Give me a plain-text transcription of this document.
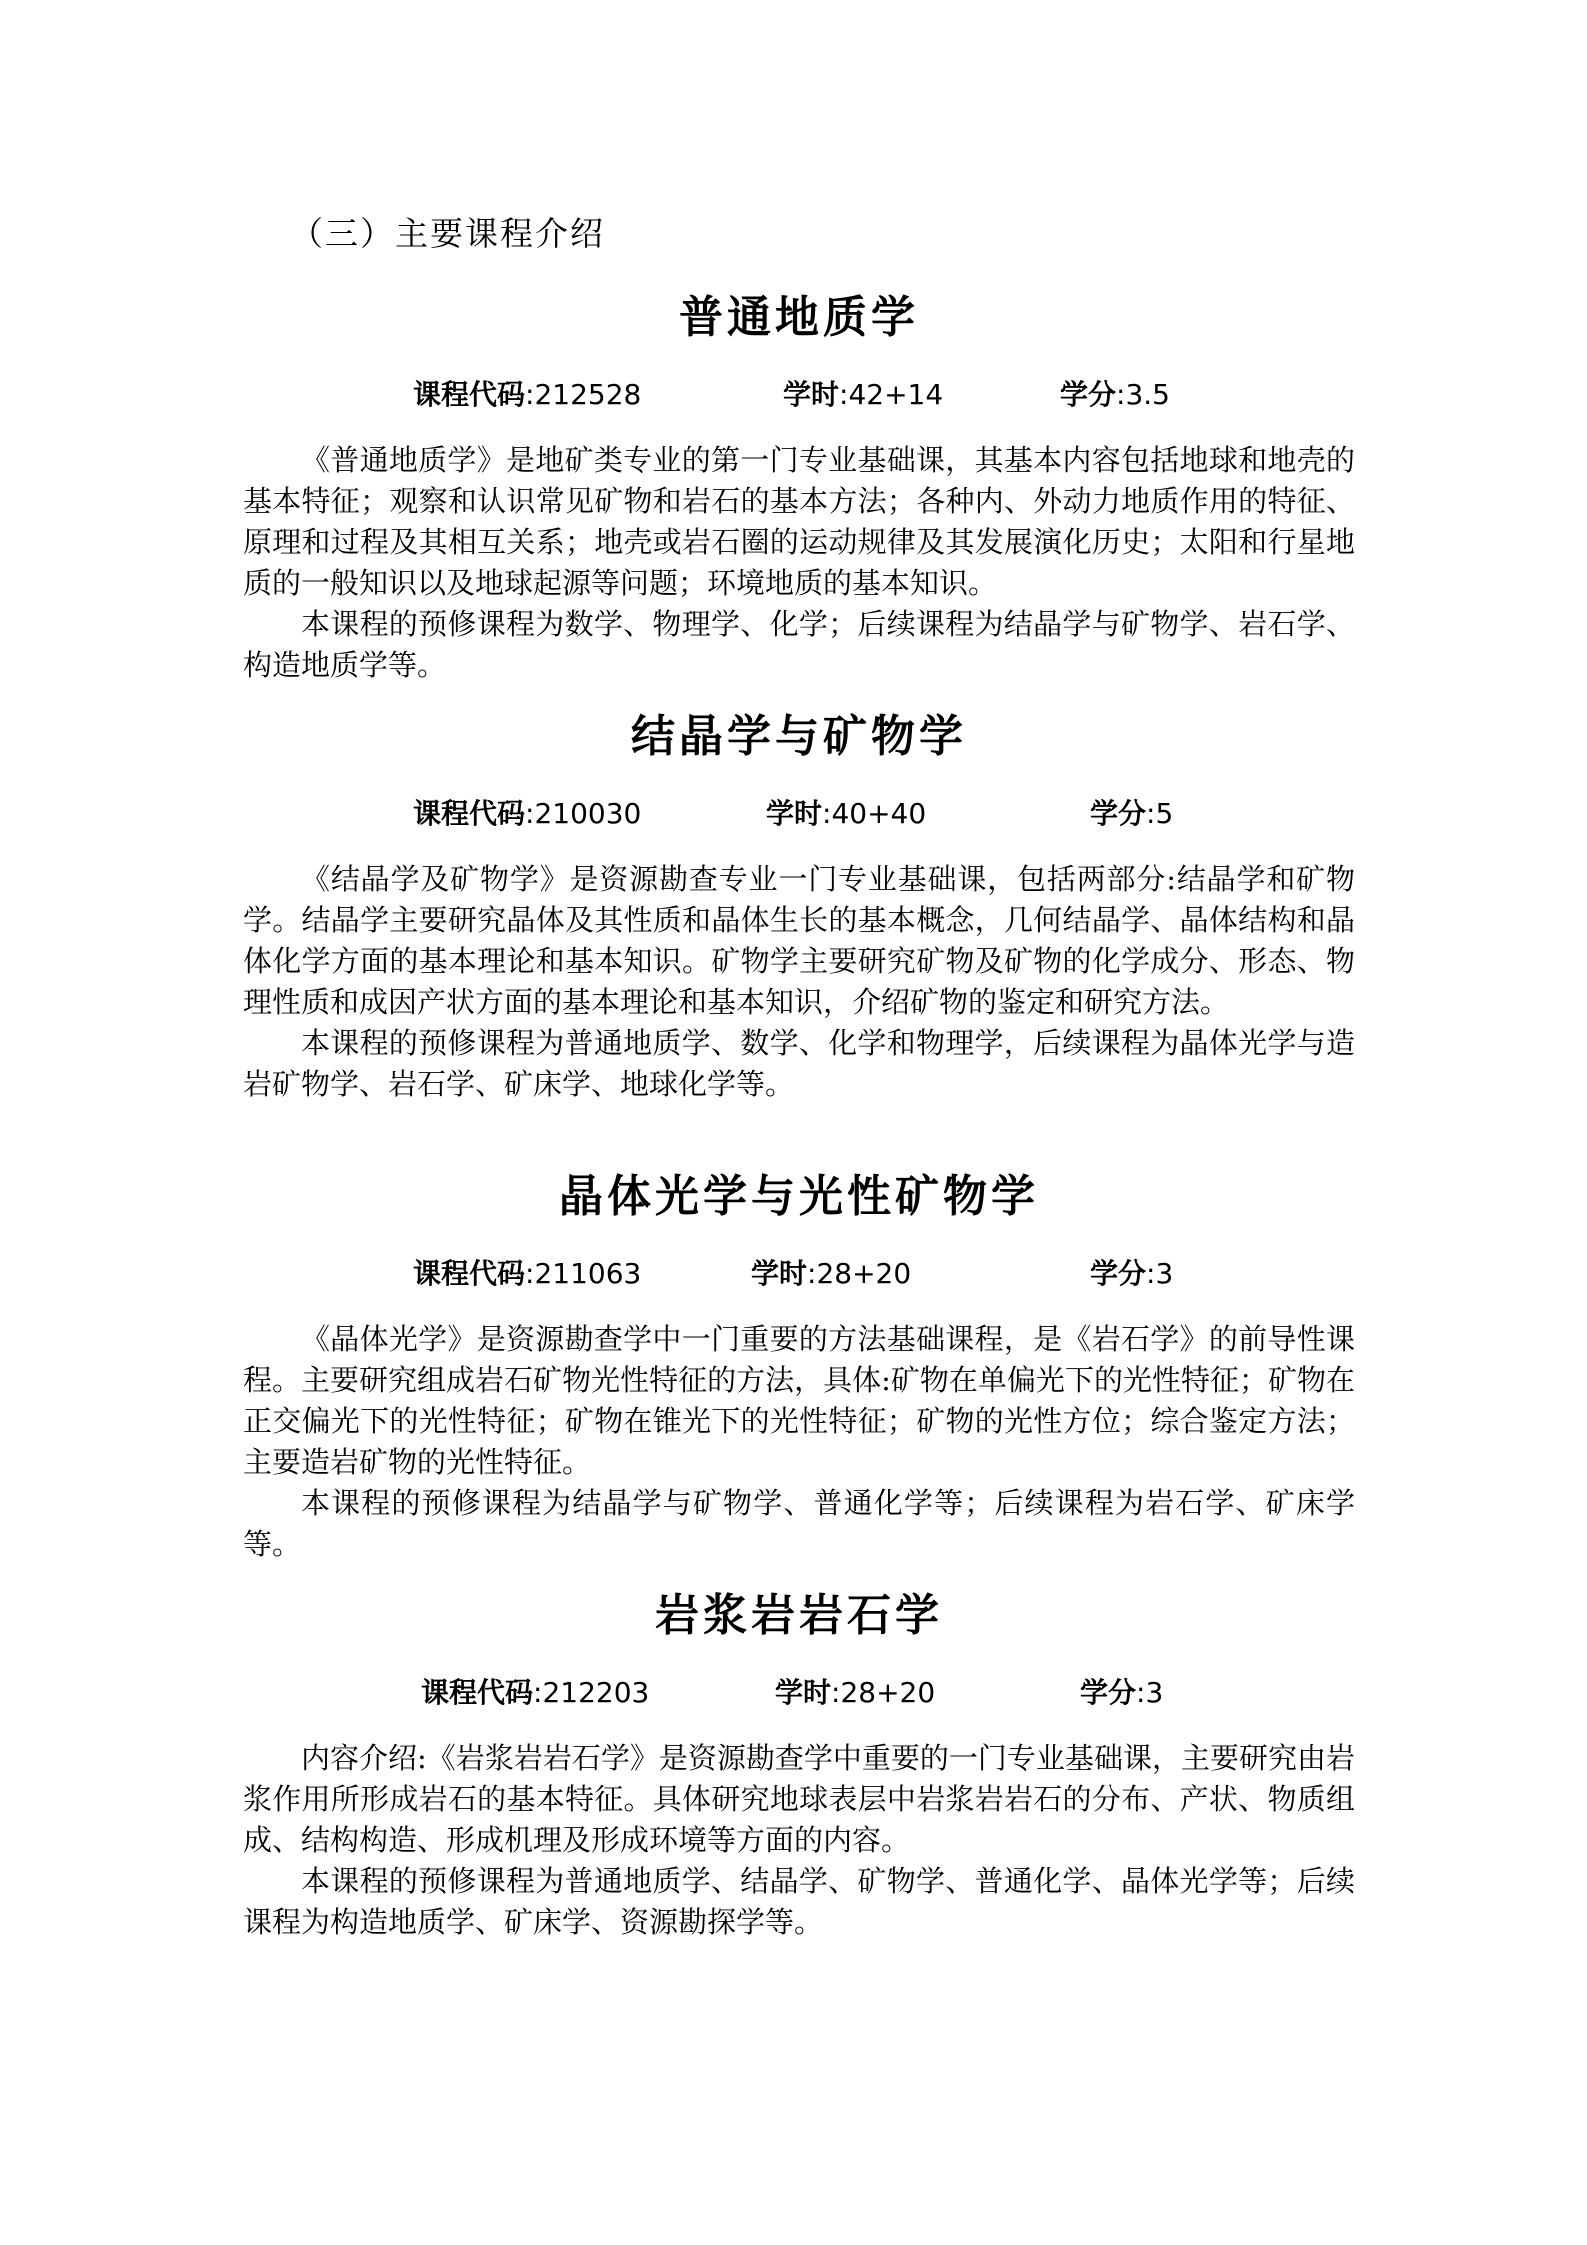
（三）主要课程介绍
普通地质学
课程代码:212528	学时:42+14	学分:3.5

《普通地质学》是地矿类专业的第一门专业基础课，其基本内容包括地球和地壳的基本特征；观察和认识常见矿物和岩石的基本方法；各种内、外动力地质作用的特征、原理和过程及其相互关系；地壳或岩石圈的运动规律及其发展演化历史；太阳和行星地质的一般知识以及地球起源等问题；环境地质的基本知识。

本课程的预修课程为数学、物理学、化学；后续课程为结晶学与矿物学、岩石学、构造地质学等。

结晶学与矿物学
课程代码:210030	学时:40+40	学分:5

《结晶学及矿物学》是资源勘查专业一门专业基础课，包括两部分:结晶学和矿物学。结晶学主要研究晶体及其性质和晶体生长的基本概念，几何结晶学、晶体结构和晶体化学方面的基本理论和基本知识。矿物学主要研究矿物及矿物的化学成分、形态、物理性质和成因产状方面的基本理论和基本知识，介绍矿物的鉴定和研究方法。

本课程的预修课程为普通地质学、数学、化学和物理学，后续课程为晶体光学与造岩矿物学、岩石学、矿床学、地球化学等。

晶体光学与光性矿物学
课程代码:211063	学时:28+20	学分:3

《晶体光学》是资源勘查学中一门重要的方法基础课程，是《岩石学》的前导性课程。主要研究组成岩石矿物光性特征的方法，具体:矿物在单偏光下的光性特征；矿物在正交偏光下的光性特征；矿物在锥光下的光性特征；矿物的光性方位；综合鉴定方法；主要造岩矿物的光性特征。

本课程的预修课程为结晶学与矿物学、普通化学等；后续课程为岩石学、矿床学等。

岩浆岩岩石学
课程代码:212203	学时:28+20	学分:3

内容介绍:《岩浆岩岩石学》是资源勘查学中重要的一门专业基础课，主要研究由岩浆作用所形成岩石的基本特征。具体研究地球表层中岩浆岩岩石的分布、产状、物质组成、结构构造、形成机理及形成环境等方面的内容。

本课程的预修课程为普通地质学、结晶学、矿物学、普通化学、晶体光学等；后续课程为构造地质学、矿床学、资源勘探学等。
